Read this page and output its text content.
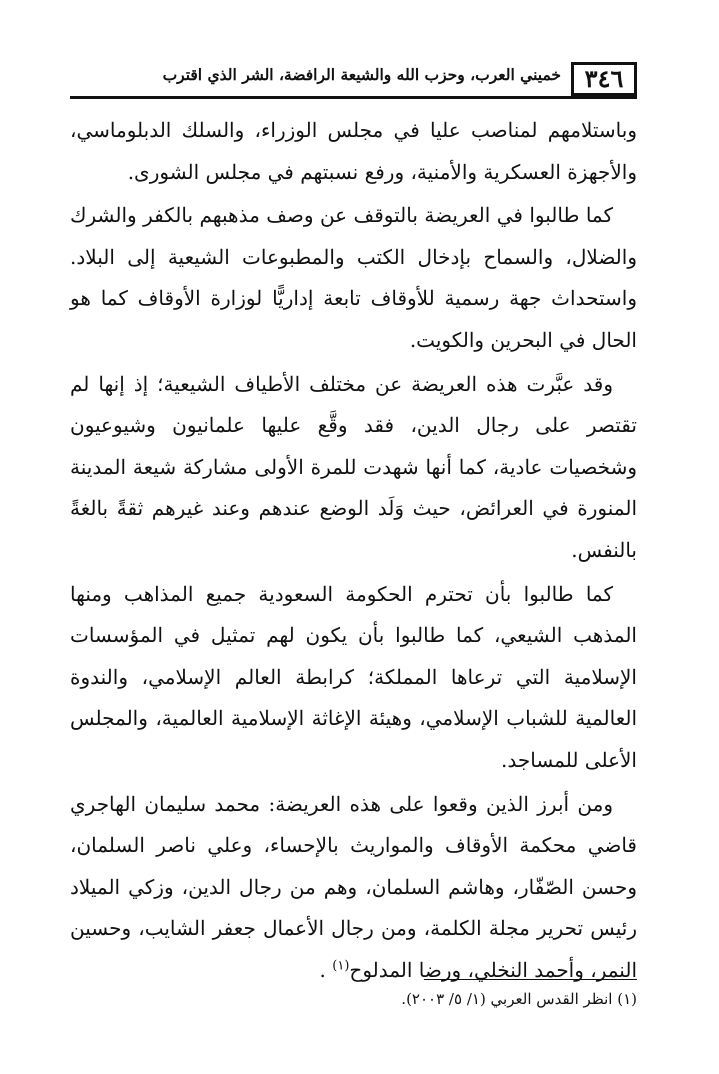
٣٤٦
خميني العرب، وحزب الله والشيعة الرافضة، الشر الذي اقترب

وباستلامهم لمناصب عليا في مجلس الوزراء، والسلك الدبلوماسي، والأجهزة العسكرية والأمنية، ورفع نسبتهم في مجلس الشورى.

كما طالبوا في العريضة بالتوقف عن وصف مذهبهم بالكفر والشرك والضلال، والسماح بإدخال الكتب والمطبوعات الشيعية إلى البلاد. واستحداث جهة رسمية للأوقاف تابعة إداريًّا لوزارة الأوقاف كما هو الحال في البحرين والكويت.

وقد عبَّرت هذه العريضة عن مختلف الأطياف الشيعية؛ إذ إنها لم تقتصر على رجال الدين، فقد وقَّع عليها علمانيون وشيوعيون وشخصيات عادية، كما أنها شهدت للمرة الأولى مشاركة شيعة المدينة المنورة في العرائض، حيث وَلَد الوضع عندهم وعند غيرهم ثقةً بالغةً بالنفس.

كما طالبوا بأن تحترم الحكومة السعودية جميع المذاهب ومنها المذهب الشيعي، كما طالبوا بأن يكون لهم تمثيل في المؤسسات الإسلامية التي ترعاها المملكة؛ كرابطة العالم الإسلامي، والندوة العالمية للشباب الإسلامي، وهيئة الإغاثة الإسلامية العالمية، والمجلس الأعلى للمساجد.

ومن أبرز الذين وقعوا على هذه العريضة: محمد سليمان الهاجري قاضي محكمة الأوقاف والمواريث بالإحساء، وعلي ناصر السلمان، وحسن الصّفّار، وهاشم السلمان، وهم من رجال الدين، وزكي الميلاد رئيس تحرير مجلة الكلمة، ومن رجال الأعمال جعفر الشايب، وحسين النمر، وأحمد النخلي، ورضا المدلوح$^{(١)}$ .

(١) انظر القدس العربي (١/ ٥/ ٢٠٠٣).
